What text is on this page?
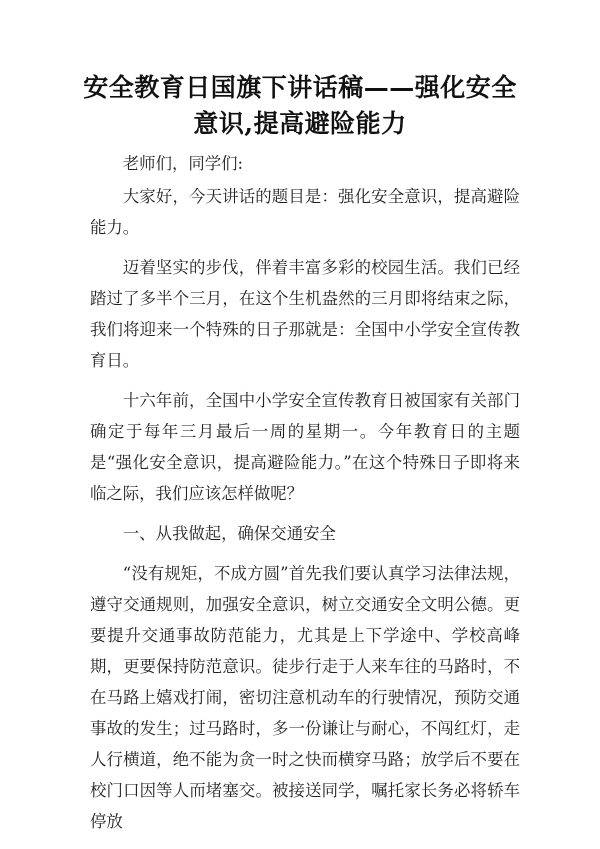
安全教育日国旗下讲话稿——强化安全
意识,提高避险能力

老师们，同学们:

大家好，今天讲话的题目是：强化安全意识，提高避险能力。

迈着坚实的步伐，伴着丰富多彩的校园生活。我们已经踏过了多半个三月，在这个生机盎然的三月即将结束之际，我们将迎来一个特殊的日子那就是：全国中小学安全宣传教育日。

十六年前，全国中小学安全宣传教育日被国家有关部门确定于每年三月最后一周的星期一。今年教育日的主题是“强化安全意识，提高避险能力。”在这个特殊日子即将来临之际，我们应该怎样做呢？

一、从我做起，确保交通安全

“没有规矩，不成方圆”首先我们要认真学习法律法规，遵守交通规则，加强安全意识，树立交通安全文明公德。更要提升交通事故防范能力，尤其是上下学途中、学校高峰期，更要保持防范意识。徒步行走于人来车往的马路时，不在马路上嬉戏打闹，密切注意机动车的行驶情况，预防交通事故的发生；过马路时，多一份谦让与耐心，不闯红灯，走人行横道，绝不能为贪一时之快而横穿马路；放学后不要在校门口因等人而堵塞交。被接送同学，嘱托家长务必将轿车停放
